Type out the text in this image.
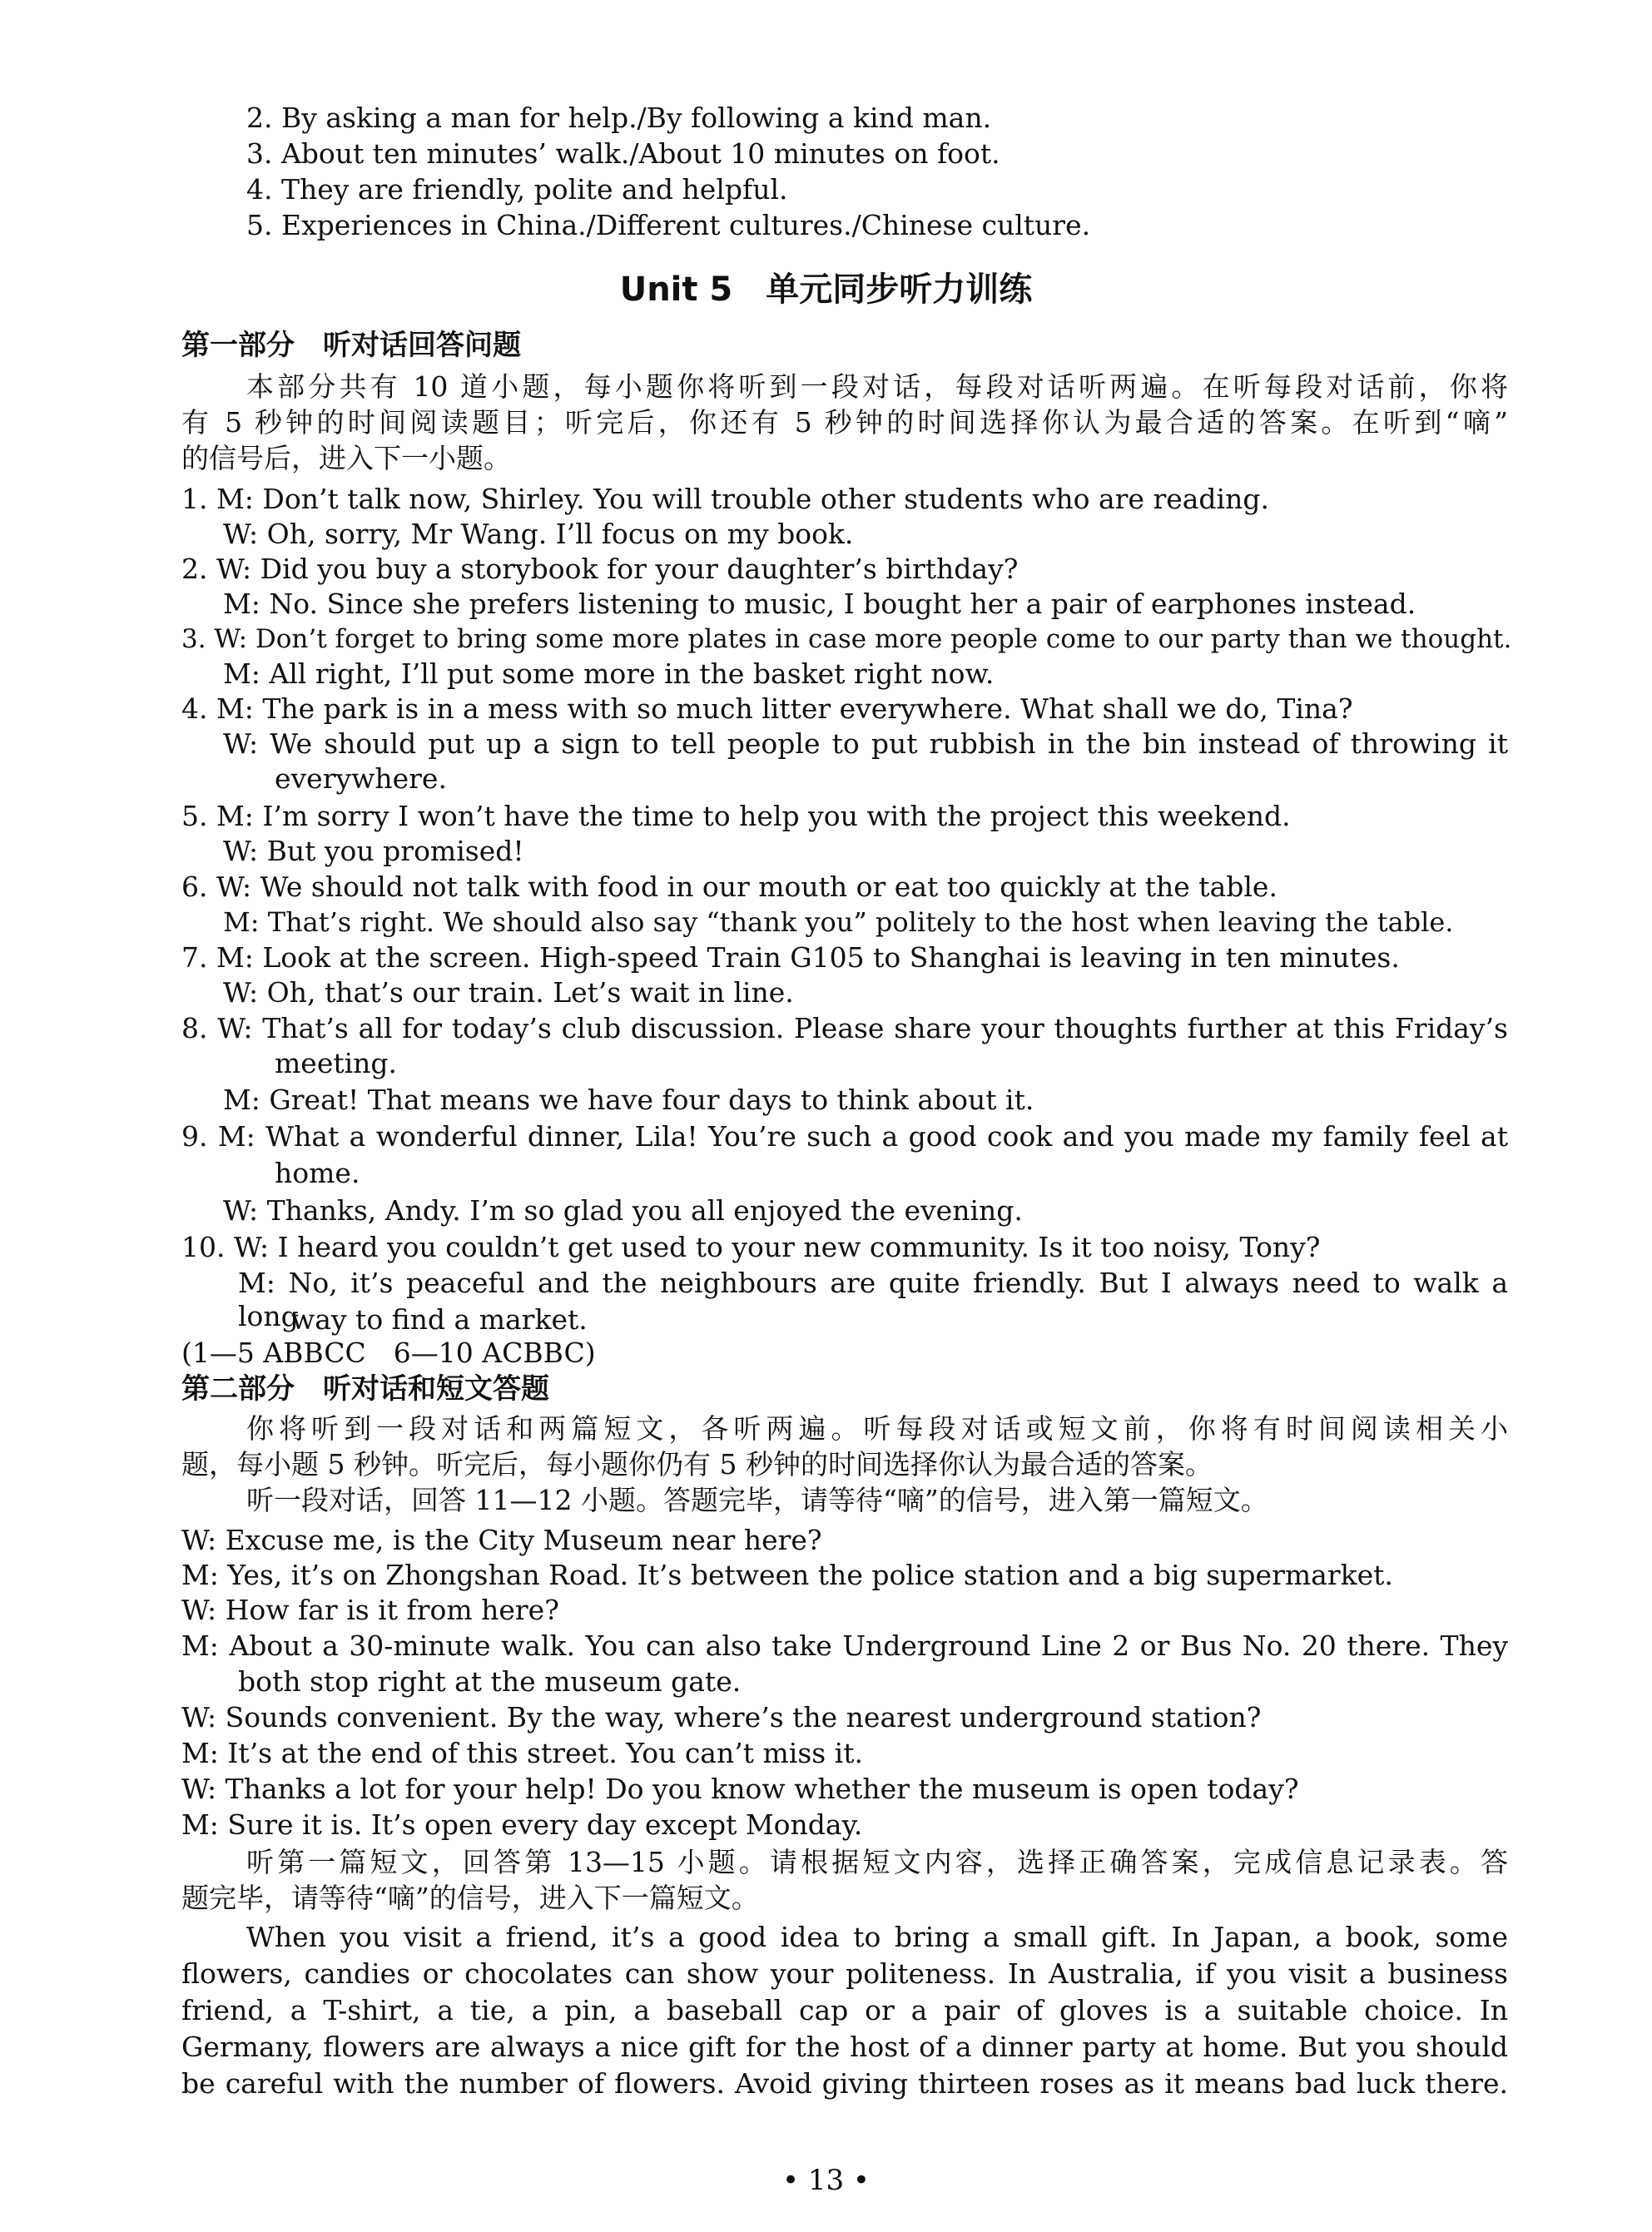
2. By asking a man for help./By following a kind man.
3. About ten minutes’ walk./About 10 minutes on foot.
4. They are friendly, polite and helpful.
5. Experiences in China./Different cultures./Chinese culture.
Unit 5　单元同步听力训练
第一部分　听对话回答问题
本部分共有 10 道小题，每小题你将听到一段对话，每段对话听两遍。在听每段对话前，你将
有 5 秒钟的时间阅读题目；听完后，你还有 5 秒钟的时间选择你认为最合适的答案。在听到“嘀”
的信号后，进入下一小题。
1. M: Don’t talk now, Shirley. You will trouble other students who are reading.
W: Oh, sorry, Mr Wang. I’ll focus on my book.
2. W: Did you buy a storybook for your daughter’s birthday?
M: No. Since she prefers listening to music, I bought her a pair of earphones instead.
3. W: Don’t forget to bring some more plates in case more people come to our party than we thought.
M: All right, I’ll put some more in the basket right now.
4. M: The park is in a mess with so much litter everywhere. What shall we do, Tina?
W: We should put up a sign to tell people to put rubbish in the bin instead of throwing it
everywhere.
5. M: I’m sorry I won’t have the time to help you with the project this weekend.
W: But you promised!
6. W: We should not talk with food in our mouth or eat too quickly at the table.
M: That’s right. We should also say “thank you” politely to the host when leaving the table.
7. M: Look at the screen. High-speed Train G105 to Shanghai is leaving in ten minutes.
W: Oh, that’s our train. Let’s wait in line.
8. W: That’s all for today’s club discussion. Please share your thoughts further at this Friday’s
meeting.
M: Great! That means we have four days to think about it.
9. M: What a wonderful dinner, Lila! You’re such a good cook and you made my family feel at
home.
W: Thanks, Andy. I’m so glad you all enjoyed the evening.
10. W: I heard you couldn’t get used to your new community. Is it too noisy, Tony?
M: No, it’s peaceful and the neighbours are quite friendly. But I always need to walk a long
way to find a market.
(1—5 ABBCC　6—10 ACBBC)
第二部分　听对话和短文答题
你将听到一段对话和两篇短文，各听两遍。听每段对话或短文前，你将有时间阅读相关小
题，每小题 5 秒钟。听完后，每小题你仍有 5 秒钟的时间选择你认为最合适的答案。
听一段对话，回答 11—12 小题。答题完毕，请等待“嘀”的信号，进入第一篇短文。
W: Excuse me, is the City Museum near here?
M: Yes, it’s on Zhongshan Road. It’s between the police station and a big supermarket.
W: How far is it from here?
M: About a 30-minute walk. You can also take Underground Line 2 or Bus No. 20 there. They
both stop right at the museum gate.
W: Sounds convenient. By the way, where’s the nearest underground station?
M: It’s at the end of this street. You can’t miss it.
W: Thanks a lot for your help! Do you know whether the museum is open today?
M: Sure it is. It’s open every day except Monday.
听第一篇短文，回答第 13—15 小题。请根据短文内容，选择正确答案，完成信息记录表。答
题完毕，请等待“嘀”的信号，进入下一篇短文。
When you visit a friend, it’s a good idea to bring a small gift. In Japan, a book, some
flowers, candies or chocolates can show your politeness. In Australia, if you visit a business
friend, a T-shirt, a tie, a pin, a baseball cap or a pair of gloves is a suitable choice. In
Germany, flowers are always a nice gift for the host of a dinner party at home. But you should
be careful with the number of flowers. Avoid giving thirteen roses as it means bad luck there.
• 13 •
